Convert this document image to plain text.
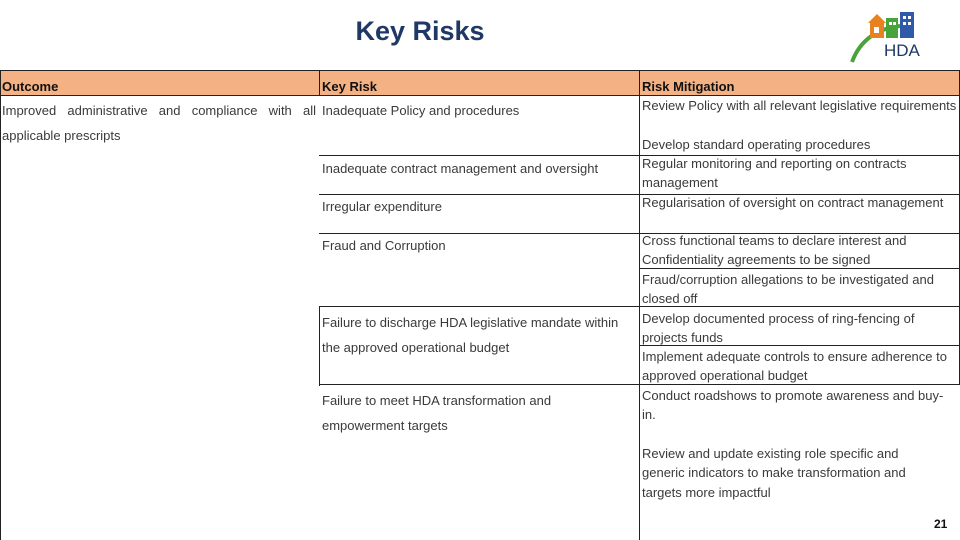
Key Risks
HDA
Outcome	Key Risk	Risk Mitigation
Improved administrative and compliance with all applicable prescripts
Inadequate Policy and procedures
Inadequate contract management and oversight
Irregular expenditure
Fraud and Corruption
Failure to discharge HDA legislative mandate within the approved operational budget
Failure to meet HDA transformation and empowerment targets
Review Policy with all relevant legislative requirements
Develop standard operating procedures
Regular monitoring and reporting on contracts management
Regularisation of oversight on contract management
Cross functional teams to declare interest and Confidentiality agreements to be signed
Fraud/corruption allegations to be investigated and closed off
Develop documented process of ring-fencing of projects funds
Implement adequate controls to ensure adherence to approved operational budget
Conduct roadshows to promote awareness and buy-in.
Review and update existing role specific and generic indicators to make transformation and targets more impactful
21
